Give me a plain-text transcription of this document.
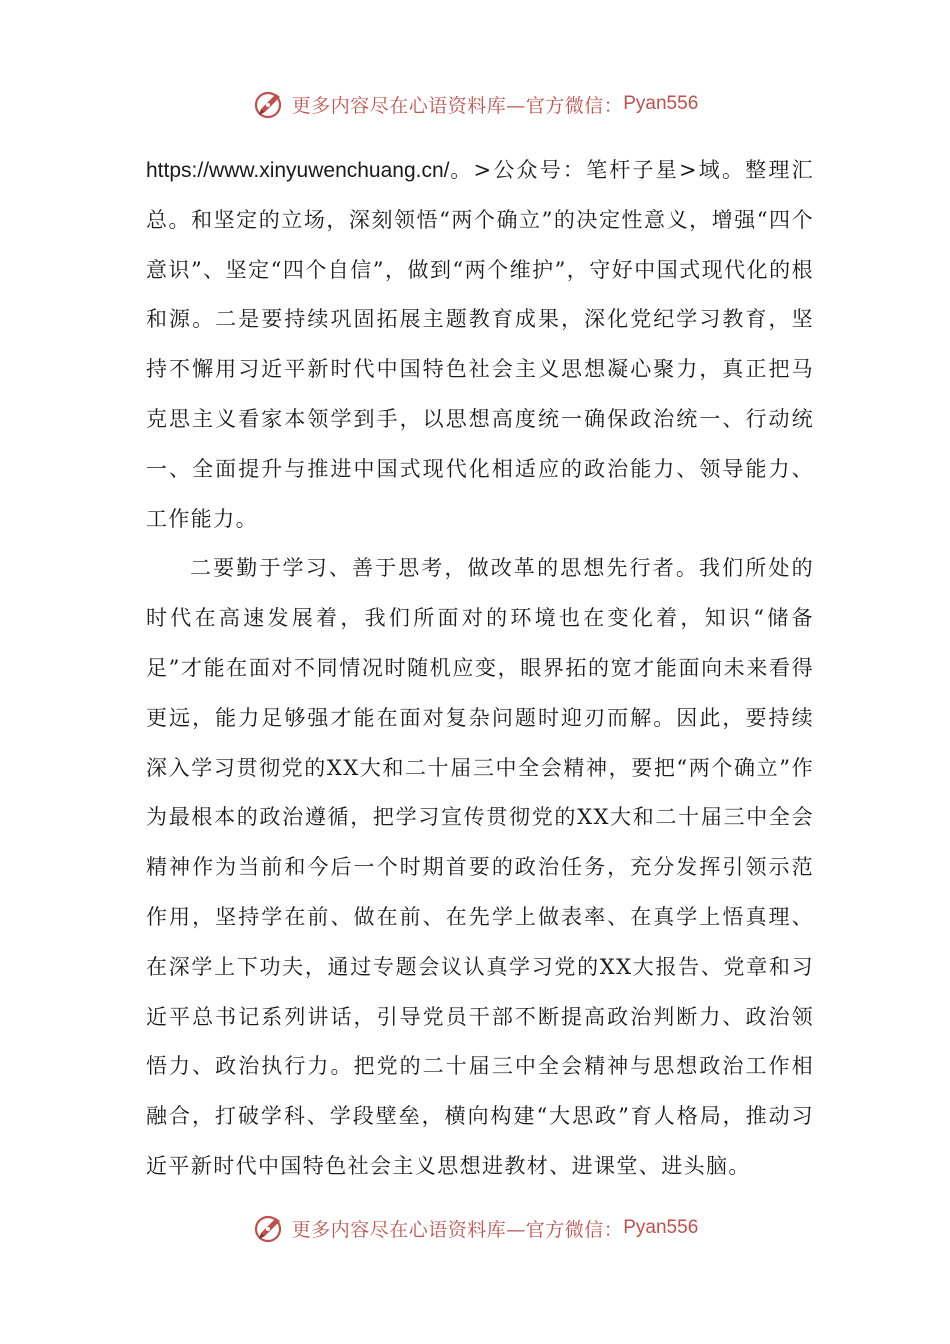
更多内容尽在心语资料库—官方微信： Pyan556

https://www.xinyuwenchuang.cn/。>公众号：笔杆子星>域。整理汇总。和坚定的立场，深刻领悟“两个确立”的决定性意义，增强“四个意识”、坚定“四个自信”，做到“两个维护”，守好中国式现代化的根和源。二是要持续巩固拓展主题教育成果，深化党纪学习教育，坚持不懈用习近平新时代中国特色社会主义思想凝心聚力，真正把马克思主义看家本领学到手，以思想高度统一确保政治统一、行动统一、全面提升与推进中国式现代化相适应的政治能力、领导能力、工作能力。

二要勤于学习、善于思考，做改革的思想先行者。我们所处的时代在高速发展着，我们所面对的环境也在变化着，知识“储备足”才能在面对不同情况时随机应变，眼界拓的宽才能面向未来看得更远，能力足够强才能在面对复杂问题时迎刃而解。因此，要持续深入学习贯彻党的XX大和二十届三中全会精神，要把“两个确立”作为最根本的政治遵循，把学习宣传贯彻党的XX大和二十届三中全会精神作为当前和今后一个时期首要的政治任务，充分发挥引领示范作用，坚持学在前、做在前、在先学上做表率、在真学上悟真理、在深学上下功夫，通过专题会议认真学习党的XX大报告、党章和习近平总书记系列讲话，引导党员干部不断提高政治判断力、政治领悟力、政治执行力。把党的二十届三中全会精神与思想政治工作相融合，打破学科、学段壁垒，横向构建“大思政”育人格局，推动习近平新时代中国特色社会主义思想进教材、进课堂、进头脑。

更多内容尽在心语资料库—官方微信： Pyan556
